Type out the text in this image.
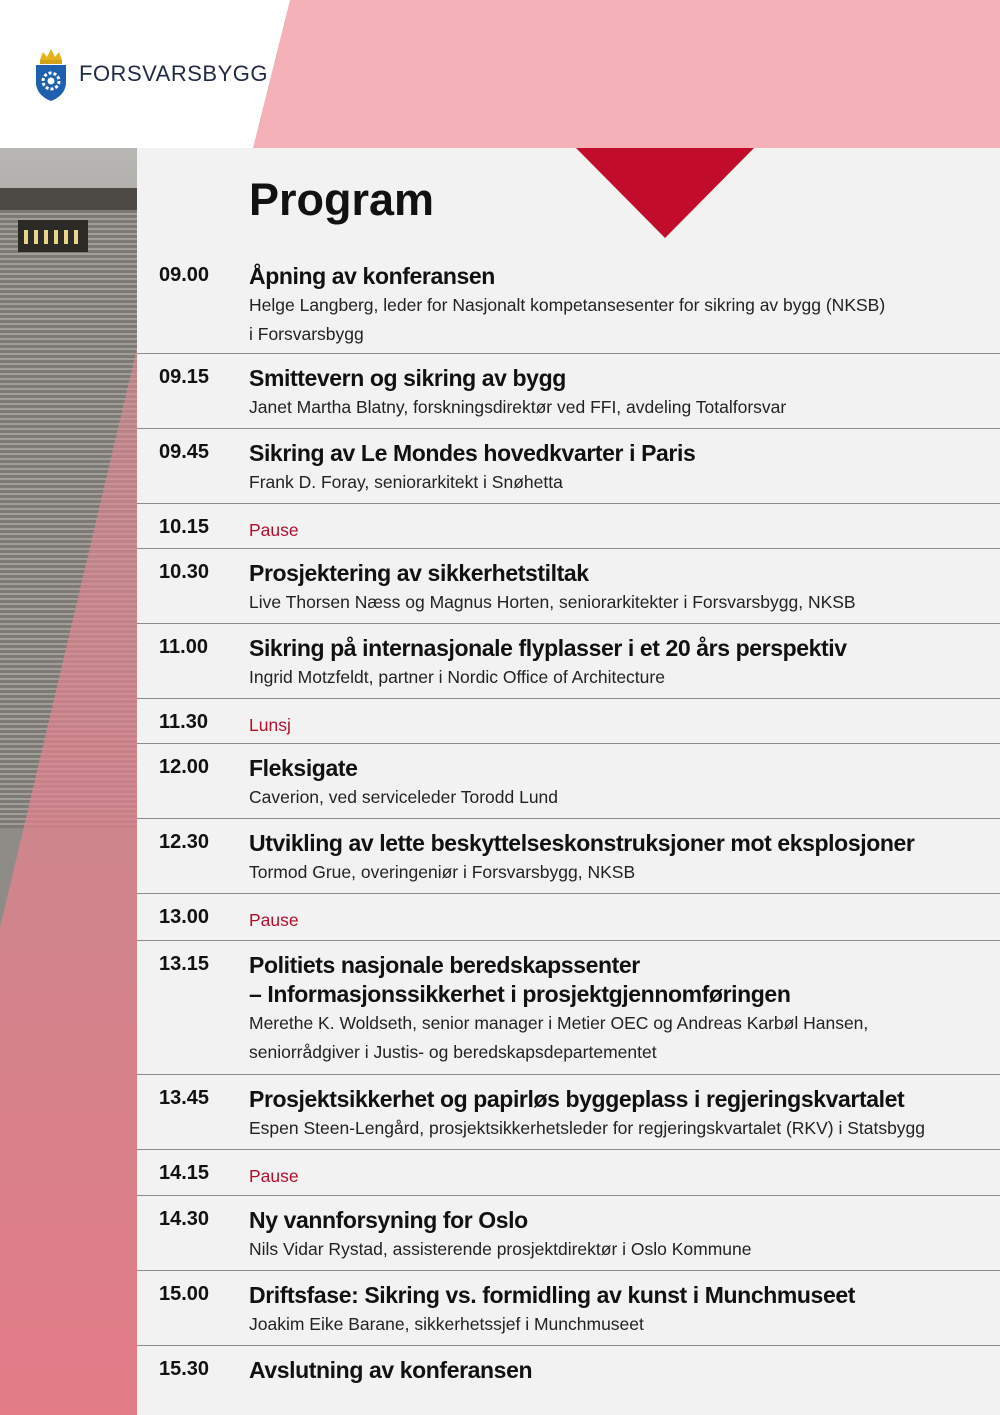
FORSVARSBYGG
Program
09.00 Åpning av konferansen
Helge Langberg, leder for Nasjonalt kompetansesenter for sikring av bygg (NKSB)
i Forsvarsbygg
09.15 Smittevern og sikring av bygg
Janet Martha Blatny, forskningsdirektør ved FFI, avdeling Totalforsvar
09.45 Sikring av Le Mondes hovedkvarter i Paris
Frank D. Foray, seniorarkitekt i Snøhetta
10.15 Pause
10.30 Prosjektering av sikkerhetstiltak
Live Thorsen Næss og Magnus Horten, seniorarkitekter i Forsvarsbygg, NKSB
11.00 Sikring på internasjonale flyplasser i et 20 års perspektiv
Ingrid Motzfeldt, partner i Nordic Office of Architecture
11.30 Lunsj
12.00 Fleksigate
Caverion, ved serviceleder Torodd Lund
12.30 Utvikling av lette beskyttelseskonstruksjoner mot eksplosjoner
Tormod Grue, overingeniør i Forsvarsbygg, NKSB
13.00 Pause
13.15 Politiets nasjonale beredskapssenter
– Informasjonssikkerhet i prosjektgjennomføringen
Merethe K. Woldseth, senior manager i Metier OEC og Andreas Karbøl Hansen,
seniorrådgiver i Justis- og beredskapsdepartementet
13.45 Prosjektsikkerhet og papirløs byggeplass i regjeringskvartalet
Espen Steen-Lengård, prosjektsikkerhetsleder for regjeringskvartalet (RKV) i Statsbygg
14.15 Pause
14.30 Ny vannforsyning for Oslo
Nils Vidar Rystad, assisterende prosjektdirektør i Oslo Kommune
15.00 Driftsfase: Sikring vs. formidling av kunst i Munchmuseet
Joakim Eike Barane, sikkerhetssjef i Munchmuseet
15.30 Avslutning av konferansen
